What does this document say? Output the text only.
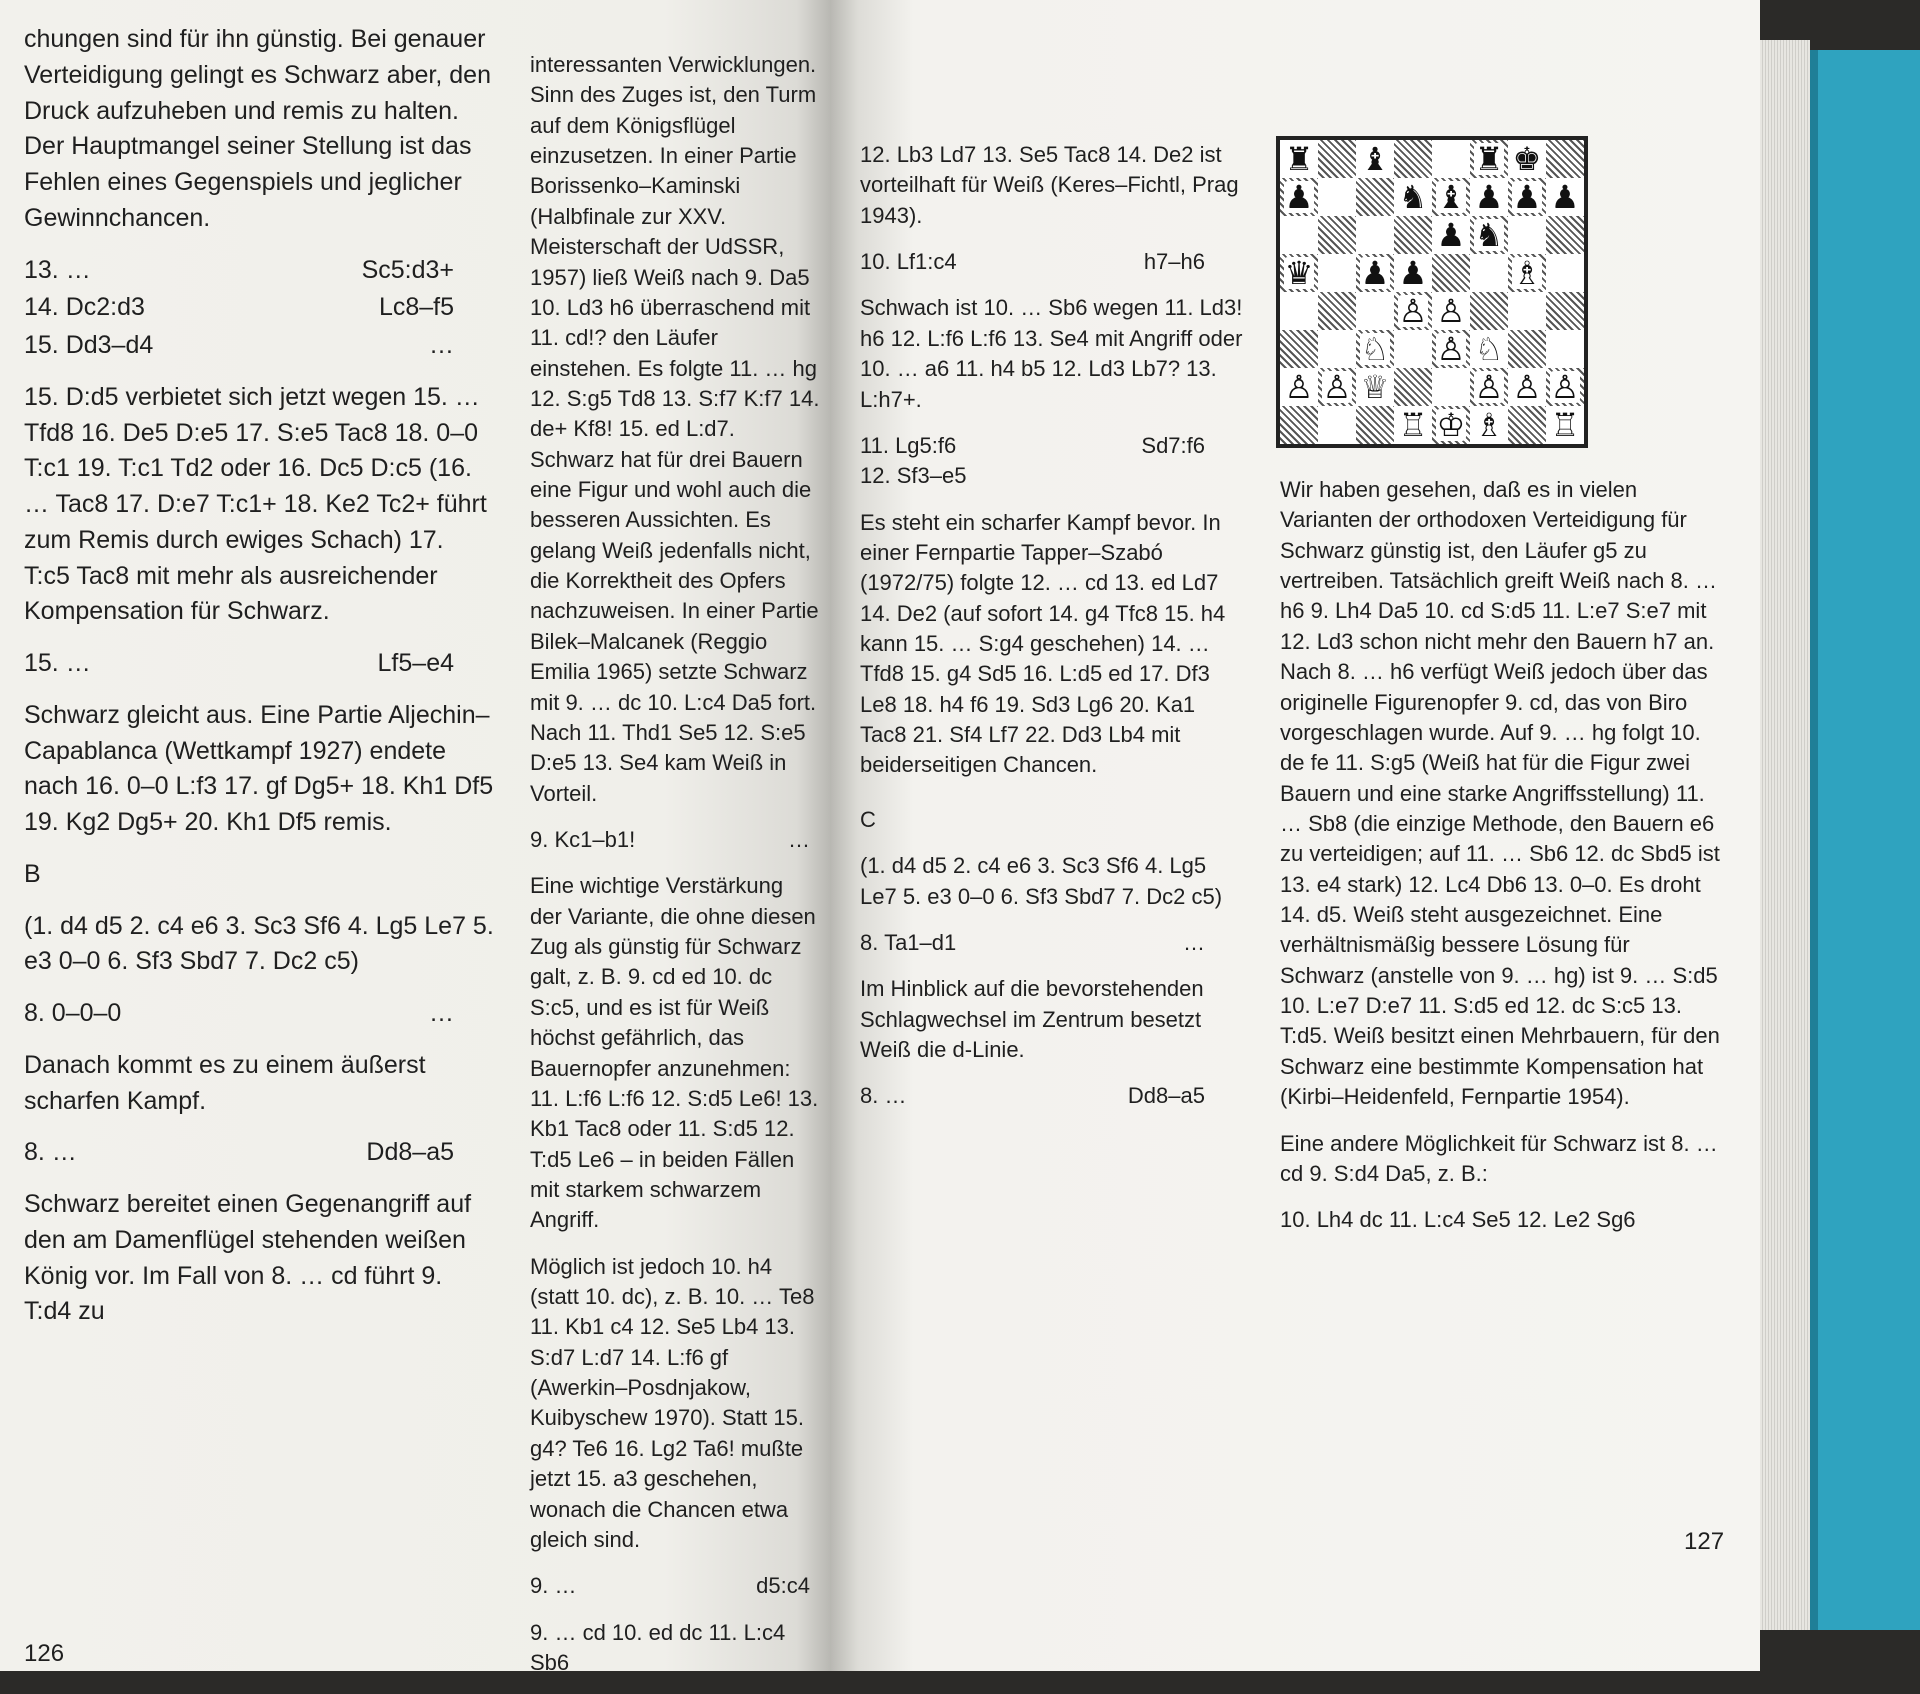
chungen sind für ihn günstig. Bei genauer Verteidigung gelingt es Schwarz aber, den Druck aufzuheben und remis zu halten. Der Hauptmangel seiner Stellung ist das Fehlen eines Gegenspiels und jeglicher Gewinnchancen.

13. …	Sc5:d3+
14. Dc2:d3	Lc8–f5
15. Dd3–d4	…

15. D:d5 verbietet sich jetzt wegen 15. … Tfd8 16. De5 D:e5 17. S:e5 Tac8 18. 0–0 T:c1 19. T:c1 Td2 oder 16. Dc5 D:c5 (16. … Tac8 17. D:e7 T:c1+ 18. Ke2 Tc2+ führt zum Remis durch ewiges Schach) 17. T:c5 Tac8 mit mehr als ausreichender Kompensation für Schwarz.

15. …	Lf5–e4

Schwarz gleicht aus. Eine Partie Aljechin–Capablanca (Wettkampf 1927) endete nach 16. 0–0 L:f3 17. gf Dg5+ 18. Kh1 Df5 19. Kg2 Dg5+ 20. Kh1 Df5 remis.

B

(1. d4 d5 2. c4 e6 3. Sc3 Sf6 4. Lg5 Le7 5. e3 0–0 6. Sf3 Sbd7 7. Dc2 c5)

8. 0–0–0	…

Danach kommt es zu einem äußerst scharfen Kampf.

8. …	Dd8–a5

Schwarz bereitet einen Gegenangriff auf den am Damenflügel stehenden weißen König vor. Im Fall von 8. … cd führt 9. T:d4 zu

126

interessanten Verwicklungen. Sinn des Zuges ist, den Turm auf dem Königsflügel einzusetzen. In einer Partie Borissenko–Kaminski (Halbfinale zur XXV. Meisterschaft der UdSSR, 1957) ließ Weiß nach 9. Da5 10. Ld3 h6 überraschend mit 11. cd!? den Läufer einstehen. Es folgte 11. … hg 12. S:g5 Td8 13. S:f7 K:f7 14. de+ Kf8! 15. ed L:d7. Schwarz hat für drei Bauern eine Figur und wohl auch die besseren Aussichten. Es gelang Weiß jedenfalls nicht, die Korrektheit des Opfers nachzuweisen. In einer Partie Bilek–Malcanek (Reggio Emilia 1965) setzte Schwarz mit 9. … dc 10. L:c4 Da5 fort. Nach 11. Thd1 Se5 12. S:e5 D:e5 13. Se4 kam Weiß in Vorteil.

9. Kc1–b1!	…

Eine wichtige Verstärkung der Variante, die ohne diesen Zug als günstig für Schwarz galt, z. B. 9. cd ed 10. dc S:c5, und es ist für Weiß höchst gefährlich, das Bauernopfer anzunehmen: 11. L:f6 L:f6 12. S:d5 Le6! 13. Kb1 Tac8 oder 11. S:d5 12. T:d5 Le6 – in beiden Fällen mit starkem schwarzem Angriff.

Möglich ist jedoch 10. h4 (statt 10. dc), z. B. 10. … Te8 11. Kb1 c4 12. Se5 Lb4 13. S:d7 L:d7 14. L:f6 gf (Awerkin–Posdnjakow, Kuibyschew 1970). Statt 15. g4? Te6 16. Lg2 Ta6! mußte jetzt 15. a3 geschehen, wonach die Chancen etwa gleich sind.

9. …	d5:c4

9. … cd 10. ed dc 11. L:c4 Sb6

12. Lb3 Ld7 13. Se5 Tac8 14. De2 ist vorteilhaft für Weiß (Keres–Fichtl, Prag 1943).

10. Lf1:c4	h7–h6

Schwach ist 10. … Sb6 wegen 11. Ld3! h6 12. L:f6 L:f6 13. Se4 mit Angriff oder 10. … a6 11. h4 b5 12. Ld3 Lb7? 13. L:h7+.

11. Lg5:f6	Sd7:f6
12. Sf3–e5

Es steht ein scharfer Kampf bevor. In einer Fernpartie Tapper–Szabó (1972/75) folgte 12. … cd 13. ed Ld7 14. De2 (auf sofort 14. g4 Tfc8 15. h4 kann 15. … S:g4 geschehen) 14. … Tfd8 15. g4 Sd5 16. L:d5 ed 17. Df3 Le8 18. h4 f6 19. Sd3 Lg6 20. Ka1 Tac8 21. Sf4 Lf7 22. Dd3 Lb4 mit beiderseitigen Chancen.

C

(1. d4 d5 2. c4 e6 3. Sc3 Sf6 4. Lg5 Le7 5. e3 0–0 6. Sf3 Sbd7 7. Dc2 c5)

8. Ta1–d1	…

Im Hinblick auf die bevorstehenden Schlagwechsel im Zentrum besetzt Weiß die d-Linie.

8. …	Dd8–a5
♜ ♝	♜ ♚
♟	♞ ♝ ♟ ♟ ♟
♟ ♞
♛ ♟ ♟	♗
♙ ♙
♘ ♙ ♘
♙ ♙ ♕	♙ ♙ ♙
♖ ♔ ♗ ♖

Wir haben gesehen, daß es in vielen Varianten der orthodoxen Verteidigung für Schwarz günstig ist, den Läufer g5 zu vertreiben. Tatsächlich greift Weiß nach 8. … h6 9. Lh4 Da5 10. cd S:d5 11. L:e7 S:e7 mit 12. Ld3 schon nicht mehr den Bauern h7 an. Nach 8. … h6 verfügt Weiß jedoch über das originelle Figurenopfer 9. cd, das von Biro vorgeschlagen wurde. Auf 9. … hg folgt 10. de fe 11. S:g5 (Weiß hat für die Figur zwei Bauern und eine starke Angriffsstellung) 11. … Sb8 (die einzige Methode, den Bauern e6 zu verteidigen; auf 11. … Sb6 12. dc Sbd5 ist 13. e4 stark) 12. Lc4 Db6 13. 0–0. Es droht 14. d5. Weiß steht ausgezeichnet. Eine verhältnismäßig bessere Lösung für Schwarz (anstelle von 9. … hg) ist 9. … S:d5 10. L:e7 D:e7 11. S:d5 ed 12. dc S:c5 13. T:d5. Weiß besitzt einen Mehrbauern, für den Schwarz eine bestimmte Kompensation hat (Kirbi–Heidenfeld, Fernpartie 1954).

Eine andere Möglichkeit für Schwarz ist 8. … cd 9. S:d4 Da5, z. B.:

10. Lh4 dc 11. L:c4 Se5 12. Le2 Sg6

127
